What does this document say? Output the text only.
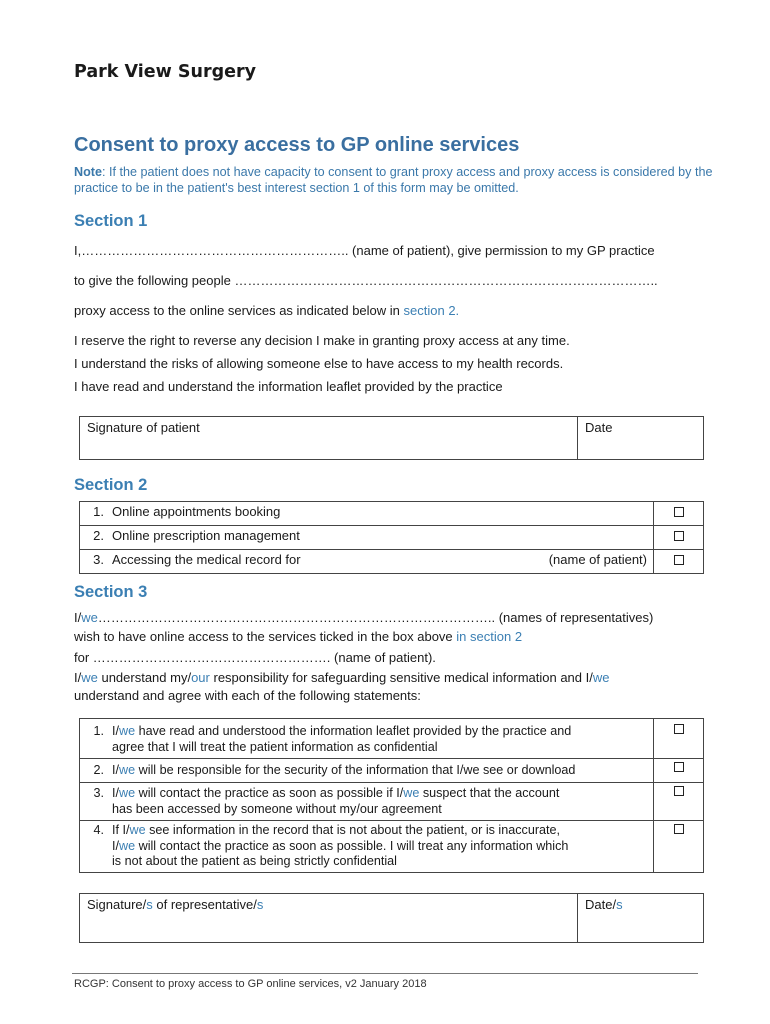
Park View Surgery
Consent to proxy access to GP online services
Note: If the patient does not have capacity to consent to grant proxy access and proxy access is considered by the practice to be in the patient's best interest section 1 of this form may be omitted.
Section 1
I,…………………………………………………….. (name of patient), give permission to my GP practice
to give the following people ……………………………………………………………………………………..
proxy access to the online services as indicated below in section 2.
I reserve the right to reverse any decision I make in granting proxy access at any time.
I understand the risks of allowing someone else to have access to my health records.
I have read and understand the information leaflet provided by the practice
Signature of patient	Date
Section 2
1. Online appointments booking	
2. Online prescription management	
3. Accessing the medical record for (name of patient)	

Section 3
I/we……………………………………………………………………………….. (names of representatives)
wish to have online access to the services ticked in the box above in section 2
for ………………………………………………. (name of patient).
I/we understand my/our responsibility for safeguarding sensitive medical information and I/we
understand and agree with each of the following statements:
1. I/we have read and understood the information leaflet provided by the practice and
agree that I will treat the patient information as confidential	

2. I/we will be responsible for the security of the information that I/we see or download	

3. I/we will contact the practice as soon as possible if I/we suspect that the account
has been accessed by someone without my/our agreement	

4. If I/we see information in the record that is not about the patient, or is inaccurate,
I/we will contact the practice as soon as possible. I will treat any information which
is not about the patient as being strictly confidential	

Signature/s of representative/s	Date/s
RCGP: Consent to proxy access to GP online services, v2 January 2018
